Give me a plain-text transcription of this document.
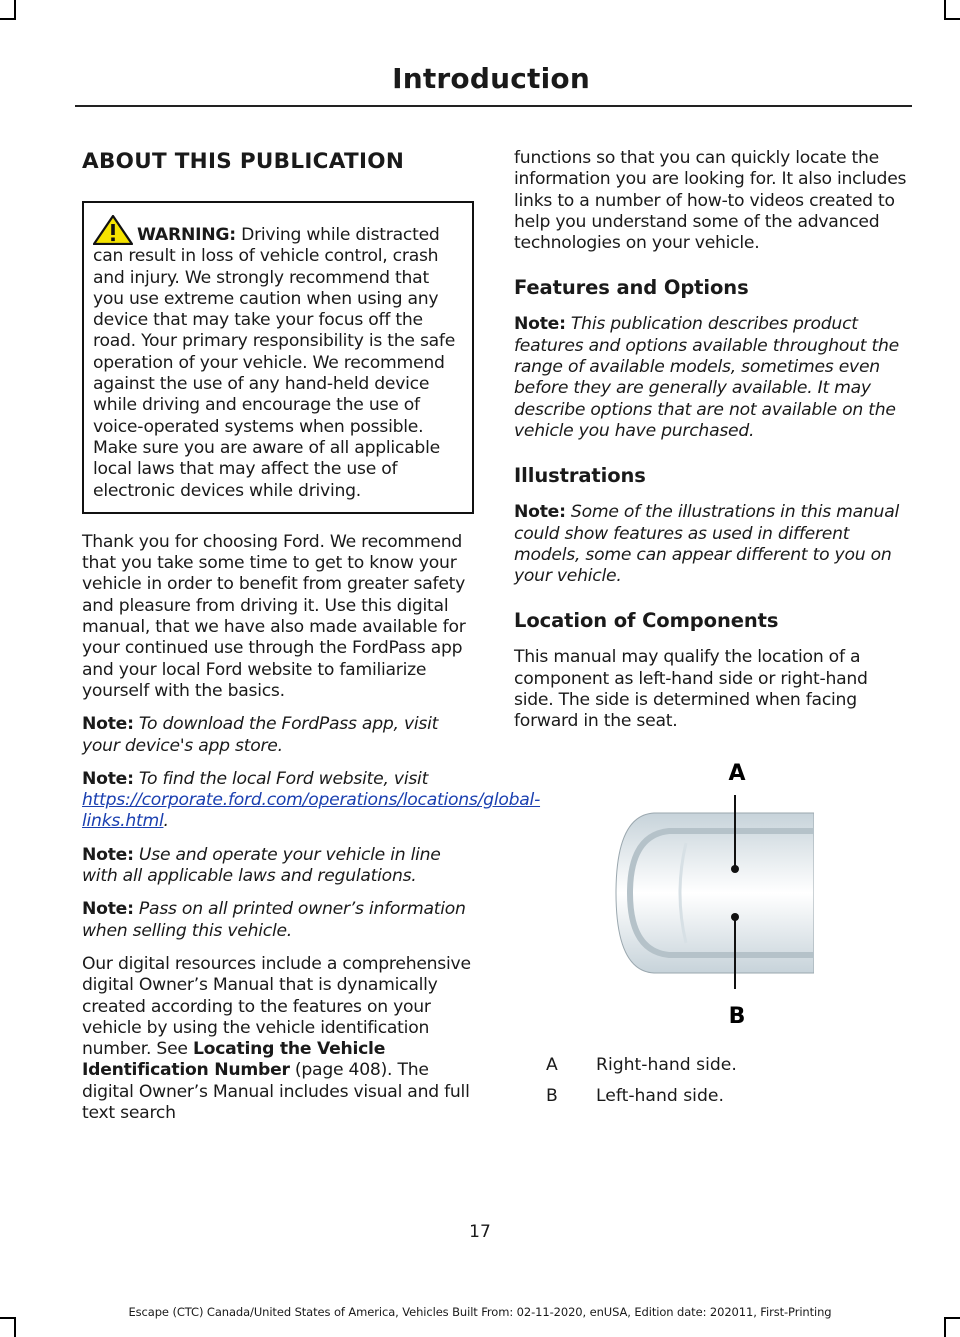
Introduction
ABOUT THIS PUBLICATION

WARNING: Driving while distracted can result in loss of vehicle control, crash and injury. We strongly recommend that you use extreme caution when using any device that may take your focus off the road. Your primary responsibility is the safe operation of your vehicle. We recommend against the use of any hand-held device while driving and encourage the use of voice-operated systems when possible. Make sure you are aware of all applicable local laws that may affect the use of electronic devices while driving.

Thank you for choosing Ford. We recommend that you take some time to get to know your vehicle in order to benefit from greater safety and pleasure from driving it. Use this digital manual, that we have also made available for your continued use through the FordPass app and your local Ford website to familiarize yourself with the basics.

Note: To download the FordPass app, visit your device's app store.

Note: To find the local Ford website, visit https://corporate.ford.com/operations/locations/global-links.html.

Note: Use and operate your vehicle in line with all applicable laws and regulations.

Note: Pass on all printed owner’s information when selling this vehicle.

Our digital resources include a comprehensive digital Owner’s Manual that is dynamically created according to the features on your vehicle by using the vehicle identification number. See Locating the Vehicle Identification Number (page 408). The digital Owner’s Manual includes visual and full text search

functions so that you can quickly locate the information you are looking for. It also includes links to a number of how-to videos created to help you understand some of the advanced technologies on your vehicle.

Features and Options

Note: This publication describes product features and options available throughout the range of available models, sometimes even before they are generally available. It may describe options that are not available on the vehicle you have purchased.

Illustrations

Note: Some of the illustrations in this manual could show features as used in different models, some can appear different to you on your vehicle.

Location of Components

This manual may qualify the location of a component as left-hand side or right-hand side. The side is determined when facing forward in the seat.

A
B
A	Right-hand side.
B	Left-hand side.
17
Escape (CTC) Canada/United States of America, Vehicles Built From: 02-11-2020, enUSA, Edition date: 202011, First-Printing
